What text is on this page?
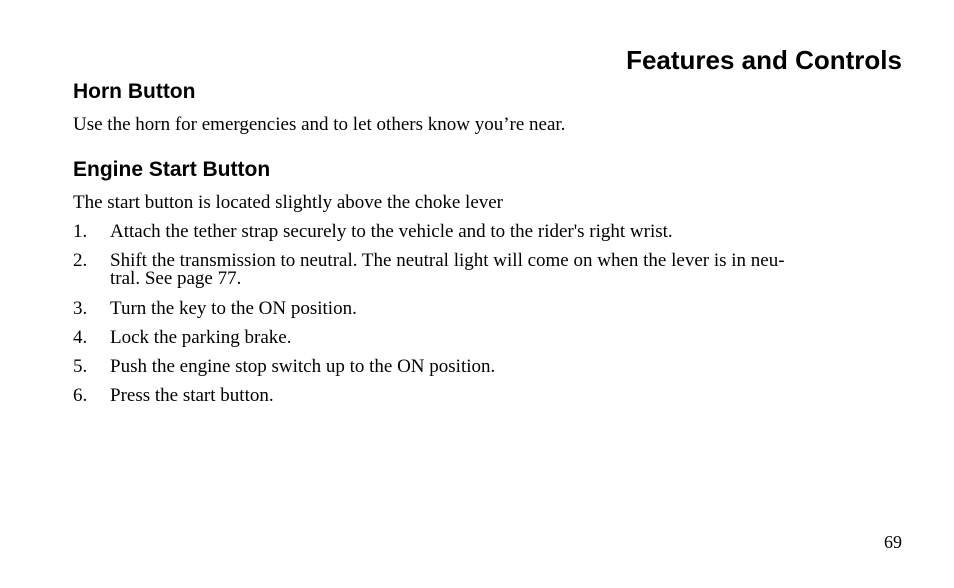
Features and Controls
Horn Button

Use the horn for emergencies and to let others know you’re near.

Engine Start Button

The start button is located slightly above the choke lever

1. Attach the tether strap securely to the vehicle and to the rider's right wrist.
2. Shift the transmission to neutral. The neutral light will come on when the lever is in neu-
tral. See page 77.
3. Turn the key to the ON position.
4. Lock the parking brake.
5. Push the engine stop switch up to the ON position.
6. Press the start button.

69
